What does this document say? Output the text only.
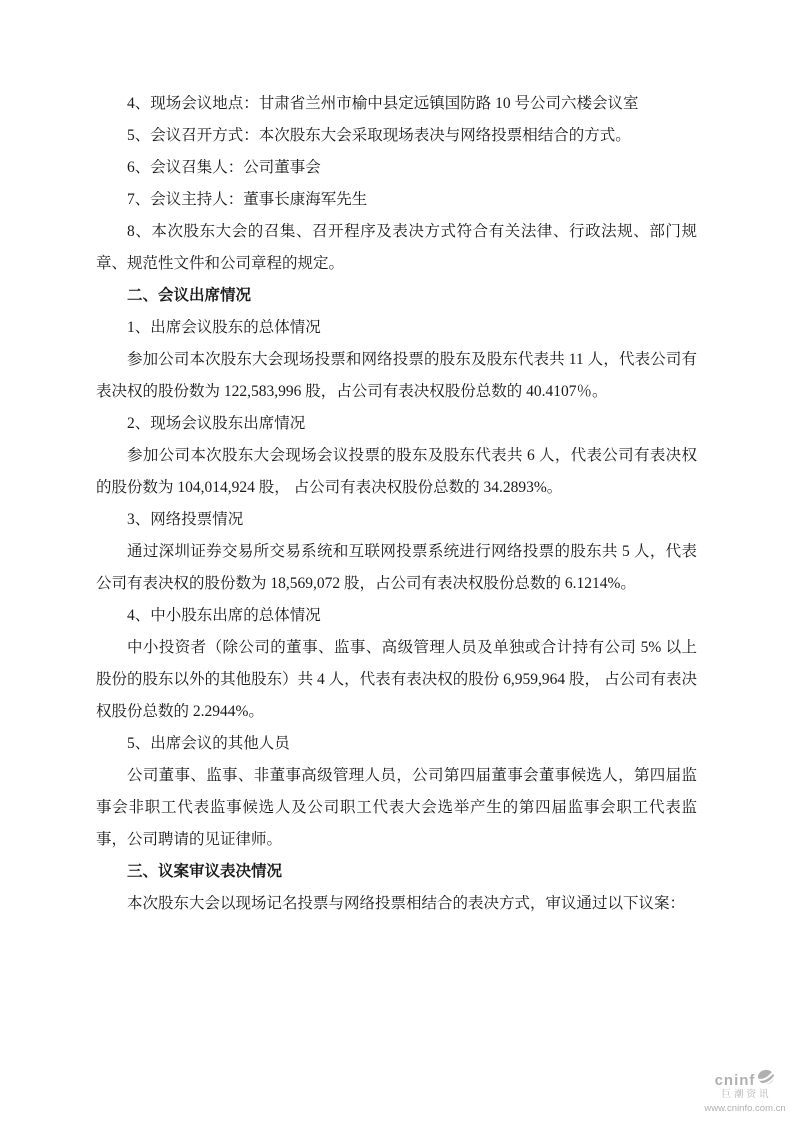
4、现场会议地点：甘肃省兰州市榆中县定远镇国防路 10 号公司六楼会议室

5、会议召开方式：本次股东大会采取现场表决与网络投票相结合的方式。

6、会议召集人：公司董事会

7、会议主持人：董事长康海军先生

8、本次股东大会的召集、召开程序及表决方式符合有关法律、行政法规、部门规章、规范性文件和公司章程的规定。

二、会议出席情况

1、出席会议股东的总体情况

参加公司本次股东大会现场投票和网络投票的股东及股东代表共 11 人，代表公司有表决权的股份数为 122,583,996 股，占公司有表决权股份总数的 40.4107％。

2、现场会议股东出席情况

参加公司本次股东大会现场会议投票的股东及股东代表共 6 人，代表公司有表决权的股份数为 104,014,924 股， 占公司有表决权股份总数的 34.2893%。

3、网络投票情况

通过深圳证券交易所交易系统和互联网投票系统进行网络投票的股东共 5 人，代表公司有表决权的股份数为 18,569,072 股，占公司有表决权股份总数的 6.1214%。

4、中小股东出席的总体情况

中小投资者（除公司的董事、监事、高级管理人员及单独或合计持有公司 5% 以上股份的股东以外的其他股东）共 4 人，代表有表决权的股份 6,959,964 股， 占公司有表决权股份总数的 2.2944%。

5、出席会议的其他人员

公司董事、监事、非董事高级管理人员，公司第四届董事会董事候选人，第四届监事会非职工代表监事候选人及公司职工代表大会选举产生的第四届监事会职工代表监事，公司聘请的见证律师。

三、议案审议表决情况

本次股东大会以现场记名投票与网络投票相结合的表决方式，审议通过以下议案：

cninf
巨潮资讯
www.cninfo.com.cn
